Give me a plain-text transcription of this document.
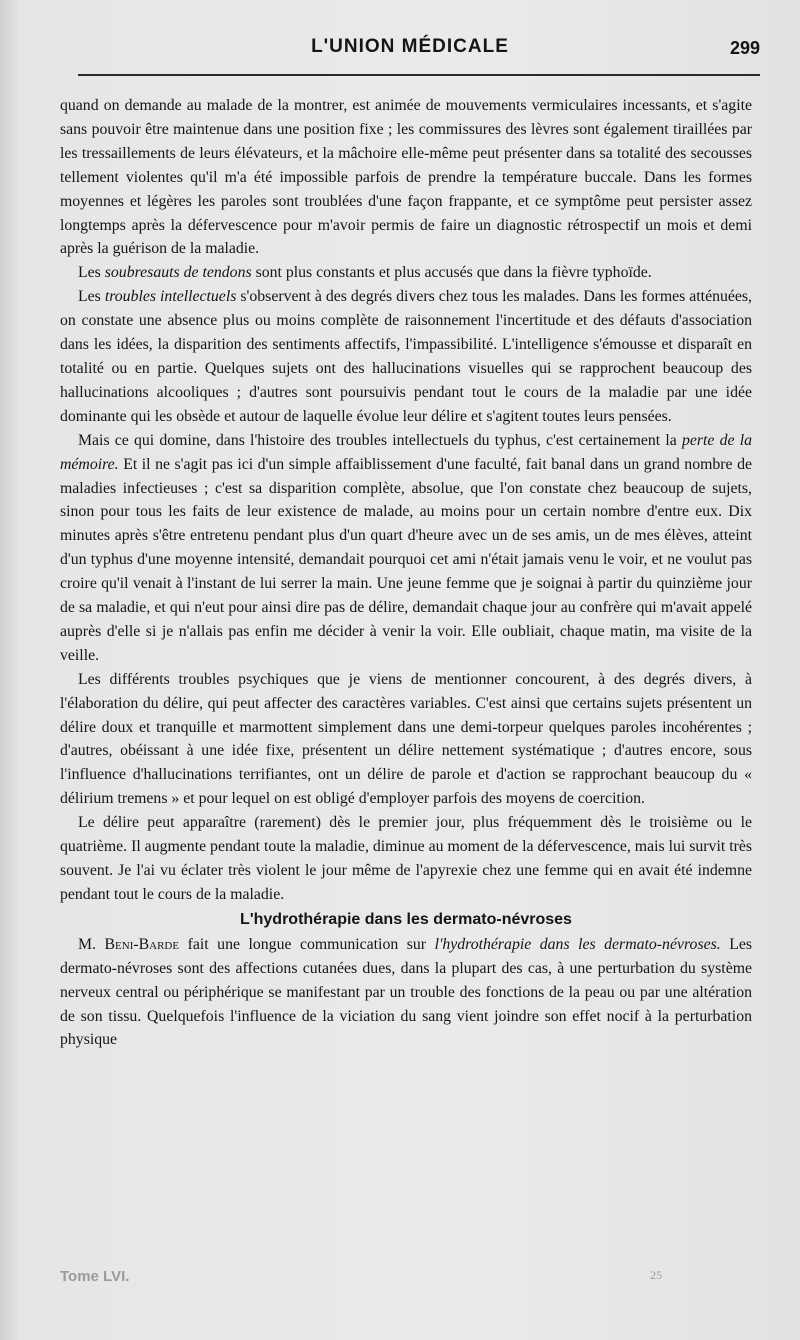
L'UNION MÉDICALE	299

quand on demande au malade de la montrer, est animée de mouvements vermiculaires incessants, et s'agite sans pouvoir être maintenue dans une position fixe ; les commissures des lèvres sont également tiraillées par les tressaillements de leurs élévateurs, et la mâchoire elle-même peut présenter dans sa totalité des secousses tellement violentes qu'il m'a été impossible parfois de prendre la température buccale. Dans les formes moyennes et légères les paroles sont troublées d'une façon frappante, et ce symptôme peut persister assez longtemps après la défervescence pour m'avoir permis de faire un diagnostic rétrospectif un mois et demi après la guérison de la maladie.

Les soubresauts de tendons sont plus constants et plus accusés que dans la fièvre typhoïde.

Les troubles intellectuels s'observent à des degrés divers chez tous les malades. Dans les formes atténuées, on constate une absence plus ou moins complète de raisonnement l'incertitude et des défauts d'association dans les idées, la disparition des sentiments affectifs, l'impassibilité. L'intelligence s'émousse et disparaît en totalité ou en partie. Quelques sujets ont des hallucinations visuelles qui se rapprochent beaucoup des hallucinations alcooliques ; d'autres sont poursuivis pendant tout le cours de la maladie par une idée dominante qui les obsède et autour de laquelle évolue leur délire et s'agitent toutes leurs pensées.

Mais ce qui domine, dans l'histoire des troubles intellectuels du typhus, c'est certainement la perte de la mémoire. Et il ne s'agit pas ici d'un simple affaiblissement d'une faculté, fait banal dans un grand nombre de maladies infectieuses ; c'est sa disparition complète, absolue, que l'on constate chez beaucoup de sujets, sinon pour tous les faits de leur existence de malade, au moins pour un certain nombre d'entre eux. Dix minutes après s'être entretenu pendant plus d'un quart d'heure avec un de ses amis, un de mes élèves, atteint d'un typhus d'une moyenne intensité, demandait pourquoi cet ami n'était jamais venu le voir, et ne voulut pas croire qu'il venait à l'instant de lui serrer la main. Une jeune femme que je soignai à partir du quinzième jour de sa maladie, et qui n'eut pour ainsi dire pas de délire, demandait chaque jour au confrère qui m'avait appelé auprès d'elle si je n'allais pas enfin me décider à venir la voir. Elle oubliait, chaque matin, ma visite de la veille.

Les différents troubles psychiques que je viens de mentionner concourent, à des degrés divers, à l'élaboration du délire, qui peut affecter des caractères variables. C'est ainsi que certains sujets présentent un délire doux et tranquille et marmottent simplement dans une demi-torpeur quelques paroles incohérentes ; d'autres, obéissant à une idée fixe, présentent un délire nettement systématique ; d'autres encore, sous l'influence d'hallucinations terrifiantes, ont un délire de parole et d'action se rapprochant beaucoup du « délirium tremens » et pour lequel on est obligé d'employer parfois des moyens de coercition.

Le délire peut apparaître (rarement) dès le premier jour, plus fréquemment dès le troisième ou le quatrième. Il augmente pendant toute la maladie, diminue au moment de la défervescence, mais lui survit très souvent. Je l'ai vu éclater très violent le jour même de l'apyrexie chez une femme qui en avait été indemne pendant tout le cours de la maladie.

L'hydrothérapie dans les dermato-névroses

M. Beni-Barde fait une longue communication sur l'hydrothérapie dans les dermato-névroses. Les dermato-névroses sont des affections cutanées dues, dans la plupart des cas, à une perturbation du système nerveux central ou périphérique se manifestant par un trouble des fonctions de la peau ou par une altération de son tissu. Quelquefois l'influence de la viciation du sang vient joindre son effet nocif à la perturbation physique

Tome LVI.	25
